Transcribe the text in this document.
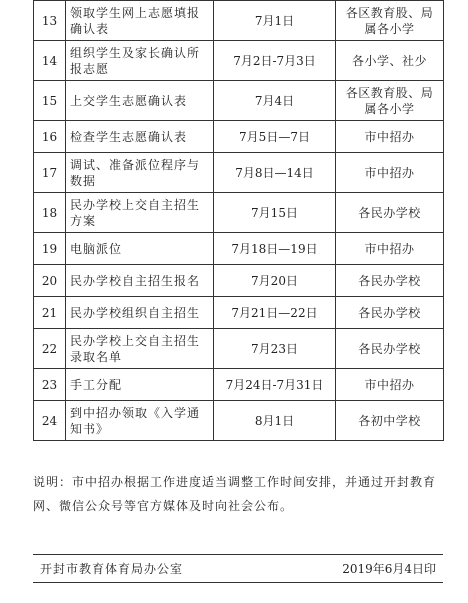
13	领取学生网上志愿填报确认表	7月1日	各区教育股、局属各小学
14	组织学生及家长确认所报志愿	7月2日-7月3日	各小学、社少
15	上交学生志愿确认表	7月4日	各区教育股、局属各小学
16	检查学生志愿确认表	7月5日—7日	市中招办
17	调试、准备派位程序与数据	7月8日—14日	市中招办
18	民办学校上交自主招生方案	7月15日	各民办学校
19	电脑派位	7月18日—19日	市中招办
20	民办学校自主招生报名	7月20日	各民办学校
21	民办学校组织自主招生	7月21日—22日	各民办学校
22	民办学校上交自主招生录取名单	7月23日	各民办学校
23	手工分配	7月24日-7月31日	市中招办
24	到中招办领取《入学通知书》	8月1日	各初中学校
说明：市中招办根据工作进度适当调整工作时间安排，并通过开封教育网、微信公众号等官方媒体及时向社会公布。
开封市教育体育局办公室	2019年6月4日印
